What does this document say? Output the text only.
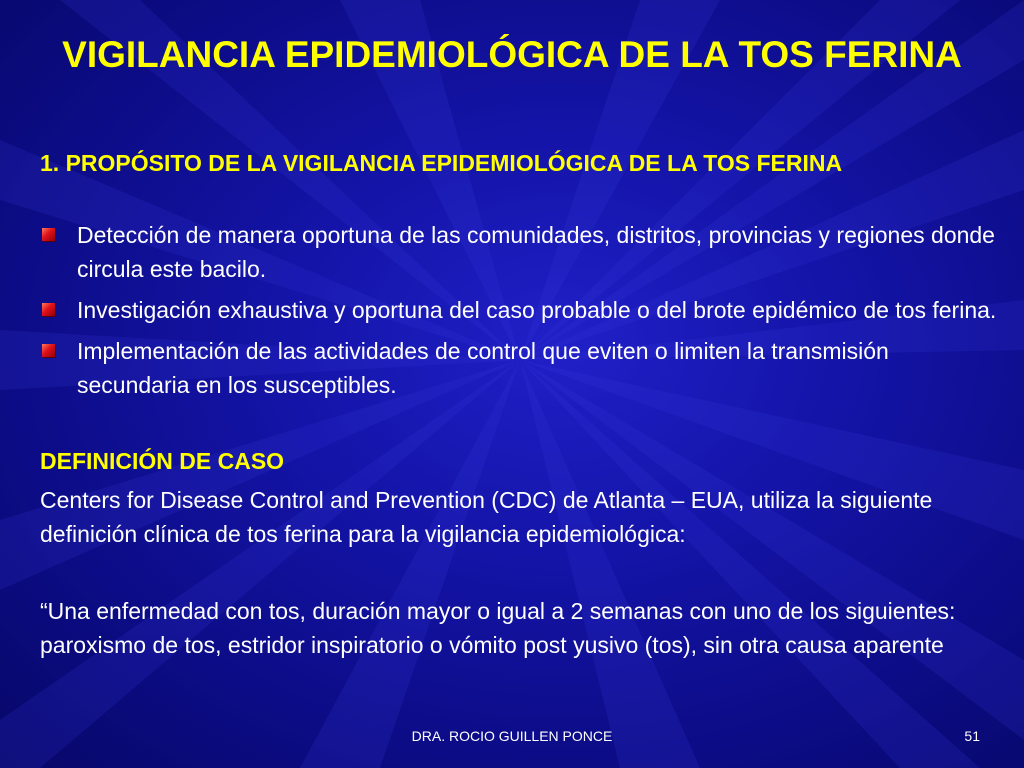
VIGILANCIA EPIDEMIOLÓGICA DE LA TOS FERINA

1. PROPÓSITO DE LA VIGILANCIA EPIDEMIOLÓGICA DE LA TOS FERINA

Detección de manera oportuna de las comunidades, distritos, provincias y regiones donde circula este bacilo.
Investigación exhaustiva y oportuna del caso probable o del brote epidémico de tos ferina.
Implementación de las actividades de control que eviten o limiten la transmisión secundaria en los susceptibles.

DEFINICIÓN DE CASO

Centers for Disease Control and Prevention (CDC) de Atlanta – EUA, utiliza la siguiente definición clínica de tos ferina para la vigilancia epidemiológica:

“Una enfermedad con tos, duración mayor o igual a 2 semanas con uno de los siguientes: paroxismo de tos, estridor inspiratorio o vómito post yusivo (tos), sin otra causa aparente

DRA. ROCIO GUILLEN PONCE	51
